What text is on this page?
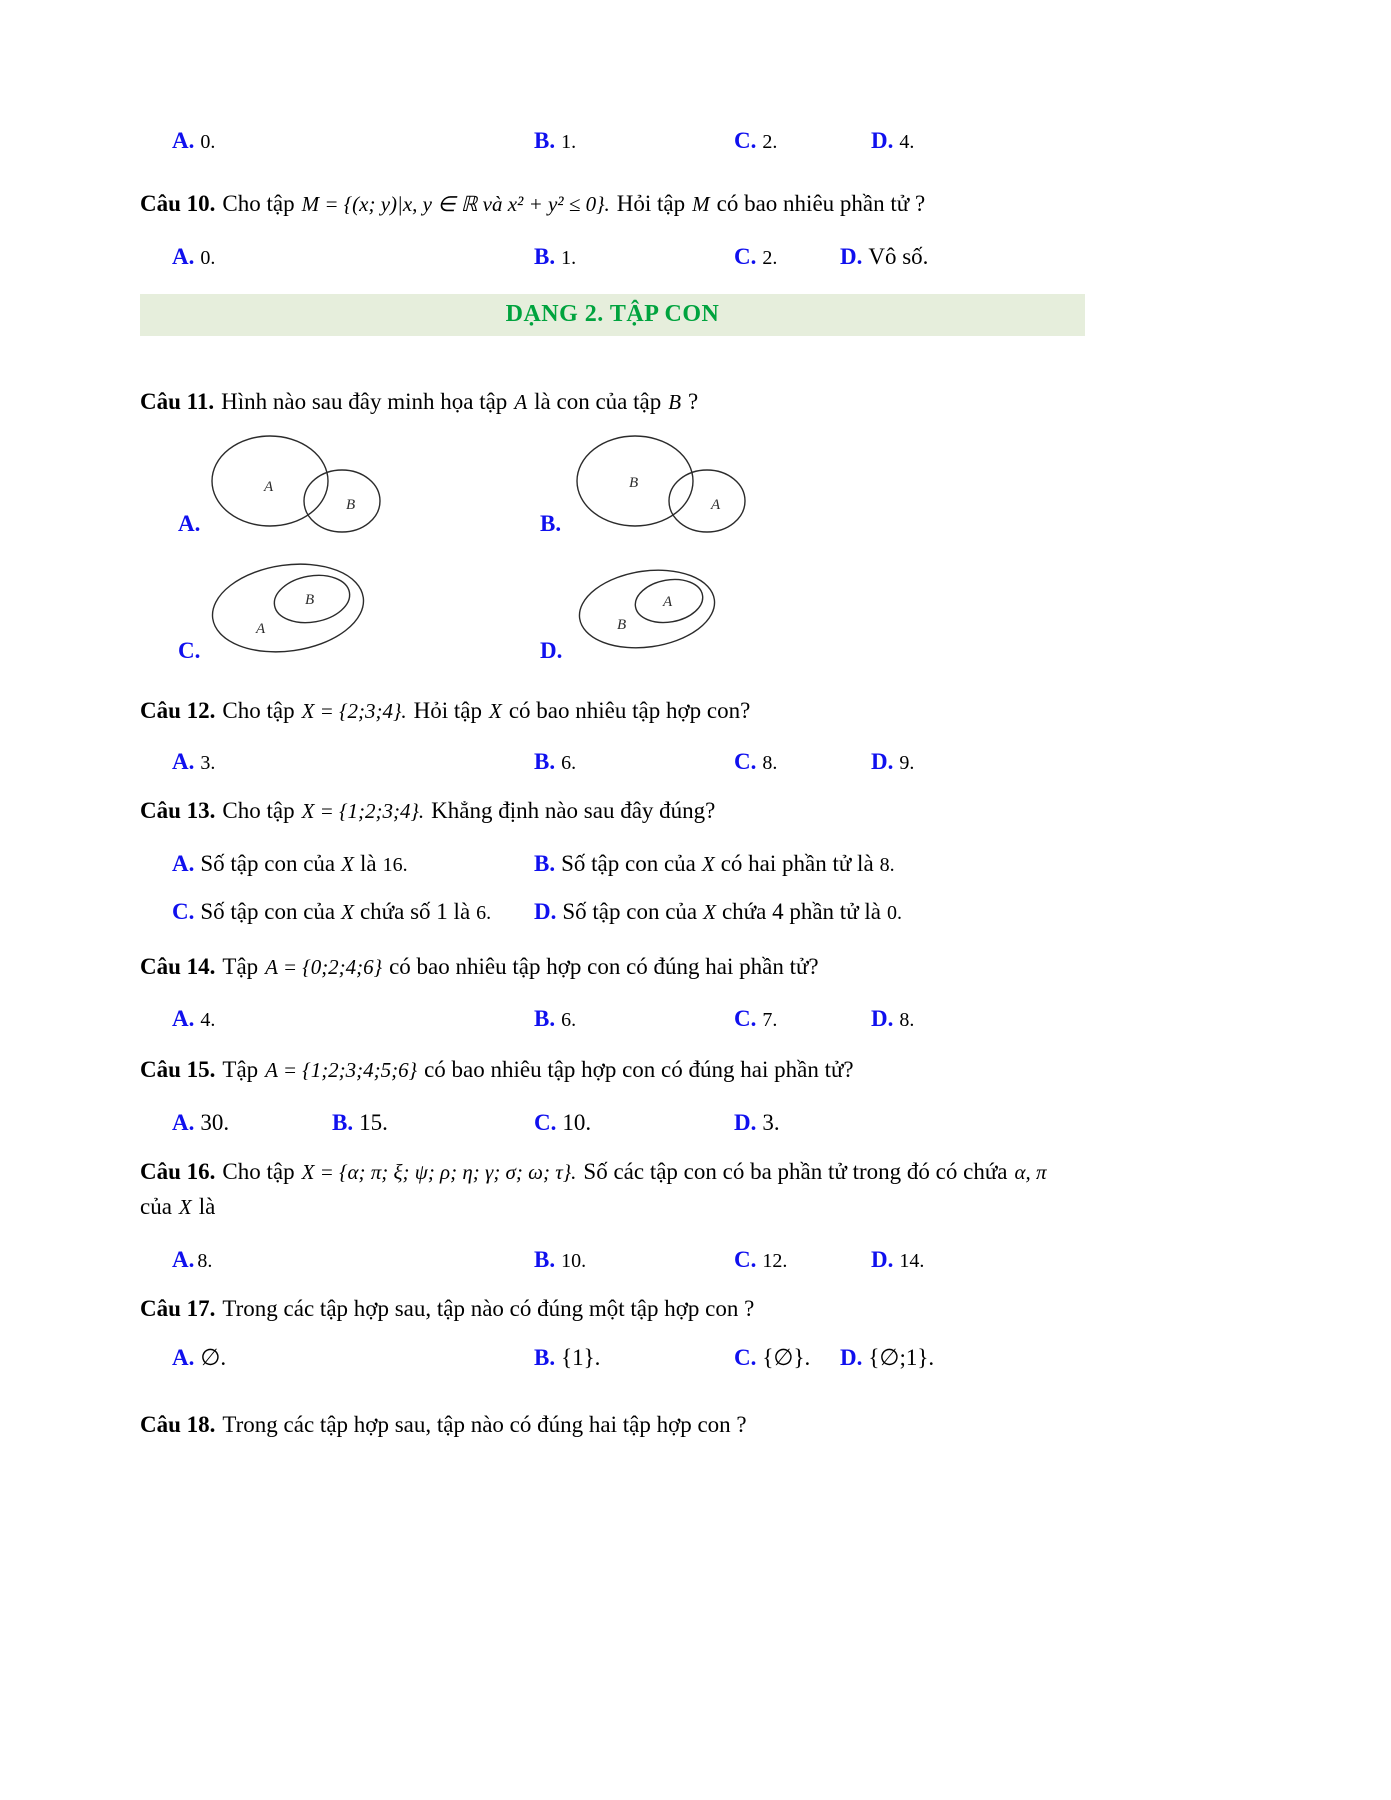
A. 0.	B. 1.	C. 2.	D. 4.
Câu 10. Cho tập M = {(x; y)|x, y ∈ ℝ và x² + y² ≤ 0}. Hỏi tập M có bao nhiêu phần tử ?
A. 0.	B. 1.	C. 2.	D. Vô số.
DẠNG 2. TẬP CON
Câu 11. Hình nào sau đây minh họa tập A là con của tập B ?
A
B
A.
B
A
B.
B
A
C.
A
B
D.
Câu 12. Cho tập X = {2;3;4}. Hỏi tập X có bao nhiêu tập hợp con?
A. 3.	B. 6.	C. 8.	D. 9.
Câu 13. Cho tập X = {1;2;3;4}. Khẳng định nào sau đây đúng?
A. Số tập con của X là 16.	B. Số tập con của X có hai phần tử là 8.
C. Số tập con của X chứa số 1 là 6. D. Số tập con của X chứa 4 phần tử là 0.
Câu 14. Tập A = {0;2;4;6} có bao nhiêu tập hợp con có đúng hai phần tử?
A. 4.	B. 6.	C. 7.	D. 8.
Câu 15. Tập A = {1;2;3;4;5;6} có bao nhiêu tập hợp con có đúng hai phần tử?
A. 30.	B. 15.	C. 10.	D. 3.
Câu 16. Cho tập X = {α; π; ξ; ψ; ρ; η; γ; σ; ω; τ}. Số các tập con có ba phần tử trong đó có chứa α, π
của X là
A. 8.	B. 10.	C. 12.	D. 14.
Câu 17. Trong các tập hợp sau, tập nào có đúng một tập hợp con ?
A. ∅.	B. {1}.	C. {∅}. D. {∅;1}.
Câu 18. Trong các tập hợp sau, tập nào có đúng hai tập hợp con ?
